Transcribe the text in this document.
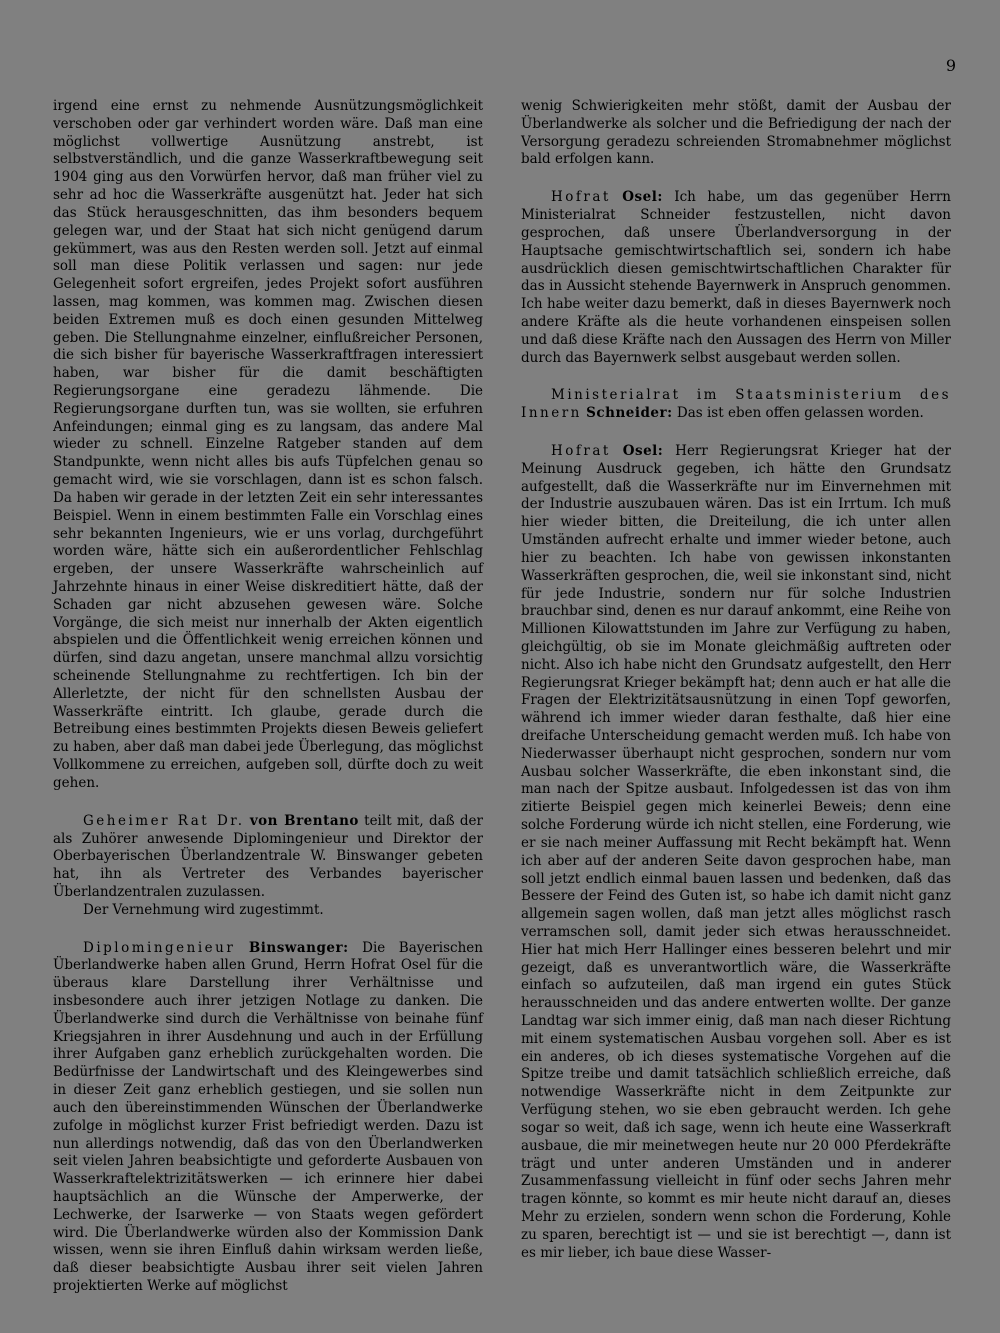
9

irgend eine ernst zu nehmende Ausnützungsmöglichkeit verschoben oder gar verhindert worden wäre. Daß man eine möglichst vollwertige Ausnützung anstrebt, ist selbstverständlich, und die ganze Wasserkraftbewegung seit 1904 ging aus den Vorwürfen hervor, daß man früher viel zu sehr ad hoc die Wasserkräfte ausgenützt hat. Jeder hat sich das Stück herausgeschnitten, das ihm besonders bequem gelegen war, und der Staat hat sich nicht genügend darum gekümmert, was aus den Resten werden soll. Jetzt auf einmal soll man diese Politik verlassen und sagen: nur jede Gelegenheit sofort ergreifen, jedes Projekt sofort ausführen lassen, mag kommen, was kommen mag. Zwischen diesen beiden Extremen muß es doch einen gesunden Mittelweg geben. Die Stellungnahme einzelner, einflußreicher Personen, die sich bisher für bayerische Wasserkraftfragen interessiert haben, war bisher für die damit beschäftigten Regierungsorgane eine geradezu lähmende. Die Regierungsorgane durften tun, was sie wollten, sie erfuhren Anfeindungen; einmal ging es zu langsam, das andere Mal wieder zu schnell. Einzelne Ratgeber standen auf dem Standpunkte, wenn nicht alles bis aufs Tüpfelchen genau so gemacht wird, wie sie vorschlagen, dann ist es schon falsch. Da haben wir gerade in der letzten Zeit ein sehr interessantes Beispiel. Wenn in einem bestimmten Falle ein Vorschlag eines sehr bekannten Ingenieurs, wie er uns vorlag, durchgeführt worden wäre, hätte sich ein außerordentlicher Fehlschlag ergeben, der unsere Wasserkräfte wahrscheinlich auf Jahrzehnte hinaus in einer Weise diskreditiert hätte, daß der Schaden gar nicht abzusehen gewesen wäre. Solche Vorgänge, die sich meist nur innerhalb der Akten eigentlich abspielen und die Öffentlichkeit wenig erreichen können und dürfen, sind dazu angetan, unsere manchmal allzu vorsichtig scheinende Stellungnahme zu rechtfertigen. Ich bin der Allerletzte, der nicht für den schnellsten Ausbau der Wasserkräfte eintritt. Ich glaube, gerade durch die Betreibung eines bestimmten Projekts diesen Beweis geliefert zu haben, aber daß man dabei jede Überlegung, das möglichst Vollkommene zu erreichen, aufgeben soll, dürfte doch zu weit gehen.

Geheimer Rat Dr. von Brentano teilt mit, daß der als Zuhörer anwesende Diplomingenieur und Direktor der Oberbayerischen Überlandzentrale W. Binswanger gebeten hat, ihn als Vertreter des Verbandes bayerischer Überlandzentralen zuzulassen.

Der Vernehmung wird zugestimmt.

Diplomingenieur Binswanger: Die Bayerischen Überlandwerke haben allen Grund, Herrn Hofrat Osel für die überaus klare Darstellung ihrer Verhältnisse und insbesondere auch ihrer jetzigen Notlage zu danken. Die Überlandwerke sind durch die Verhältnisse von beinahe fünf Kriegsjahren in ihrer Ausdehnung und auch in der Erfüllung ihrer Aufgaben ganz erheblich zurückgehalten worden. Die Bedürfnisse der Landwirtschaft und des Kleingewerbes sind in dieser Zeit ganz erheblich gestiegen, und sie sollen nun auch den übereinstimmenden Wünschen der Überlandwerke zufolge in möglichst kurzer Frist befriedigt werden. Dazu ist nun allerdings notwendig, daß das von den Überlandwerken seit vielen Jahren beabsichtigte und geforderte Ausbauen von Wasserkraftelektrizitätswerken — ich erinnere hier dabei hauptsächlich an die Wünsche der Amperwerke, der Lechwerke, der Isarwerke — von Staats wegen gefördert wird. Die Überlandwerke würden also der Kommission Dank wissen, wenn sie ihren Einfluß dahin wirksam werden ließe, daß dieser beabsichtigte Ausbau ihrer seit vielen Jahren projektierten Werke auf möglichst

wenig Schwierigkeiten mehr stößt, damit der Ausbau der Überlandwerke als solcher und die Befriedigung der nach der Versorgung geradezu schreienden Stromabnehmer möglichst bald erfolgen kann.

Hofrat Osel: Ich habe, um das gegenüber Herrn Ministerialrat Schneider festzustellen, nicht davon gesprochen, daß unsere Überlandversorgung in der Hauptsache gemischtwirtschaftlich sei, sondern ich habe ausdrücklich diesen gemischtwirtschaftlichen Charakter für das in Aussicht stehende Bayernwerk in Anspruch genommen. Ich habe weiter dazu bemerkt, daß in dieses Bayernwerk noch andere Kräfte als die heute vorhandenen einspeisen sollen und daß diese Kräfte nach den Aussagen des Herrn von Miller durch das Bayernwerk selbst ausgebaut werden sollen.

Ministerialrat im Staatsministerium des Innern Schneider: Das ist eben offen gelassen worden.

Hofrat Osel: Herr Regierungsrat Krieger hat der Meinung Ausdruck gegeben, ich hätte den Grundsatz aufgestellt, daß die Wasserkräfte nur im Einvernehmen mit der Industrie auszubauen wären. Das ist ein Irrtum. Ich muß hier wieder bitten, die Dreiteilung, die ich unter allen Umständen aufrecht erhalte und immer wieder betone, auch hier zu beachten. Ich habe von gewissen inkonstanten Wasserkräften gesprochen, die, weil sie inkonstant sind, nicht für jede Industrie, sondern nur für solche Industrien brauchbar sind, denen es nur darauf ankommt, eine Reihe von Millionen Kilowattstunden im Jahre zur Verfügung zu haben, gleichgültig, ob sie im Monate gleichmäßig auftreten oder nicht. Also ich habe nicht den Grundsatz aufgestellt, den Herr Regierungsrat Krieger bekämpft hat; denn auch er hat alle die Fragen der Elektrizitätsausnützung in einen Topf geworfen, während ich immer wieder daran festhalte, daß hier eine dreifache Unterscheidung gemacht werden muß. Ich habe von Niederwasser überhaupt nicht gesprochen, sondern nur vom Ausbau solcher Wasserkräfte, die eben inkonstant sind, die man nach der Spitze ausbaut. Infolgedessen ist das von ihm zitierte Beispiel gegen mich keinerlei Beweis; denn eine solche Forderung würde ich nicht stellen, eine Forderung, wie er sie nach meiner Auffassung mit Recht bekämpft hat. Wenn ich aber auf der anderen Seite davon gesprochen habe, man soll jetzt endlich einmal bauen lassen und bedenken, daß das Bessere der Feind des Guten ist, so habe ich damit nicht ganz allgemein sagen wollen, daß man jetzt alles möglichst rasch verramschen soll, damit jeder sich etwas herausschneidet. Hier hat mich Herr Hallinger eines besseren belehrt und mir gezeigt, daß es unverantwortlich wäre, die Wasserkräfte einfach so aufzuteilen, daß man irgend ein gutes Stück herausschneiden und das andere entwerten wollte. Der ganze Landtag war sich immer einig, daß man nach dieser Richtung mit einem systematischen Ausbau vorgehen soll. Aber es ist ein anderes, ob ich dieses systematische Vorgehen auf die Spitze treibe und damit tatsächlich schließlich erreiche, daß notwendige Wasserkräfte nicht in dem Zeitpunkte zur Verfügung stehen, wo sie eben gebraucht werden. Ich gehe sogar so weit, daß ich sage, wenn ich heute eine Wasserkraft ausbaue, die mir meinetwegen heute nur 20 000 Pferdekräfte trägt und unter anderen Umständen und in anderer Zusammenfassung vielleicht in fünf oder sechs Jahren mehr tragen könnte, so kommt es mir heute nicht darauf an, dieses Mehr zu erzielen, sondern wenn schon die Forderung, Kohle zu sparen, berechtigt ist — und sie ist berechtigt —, dann ist es mir lieber, ich baue diese Wasser-
